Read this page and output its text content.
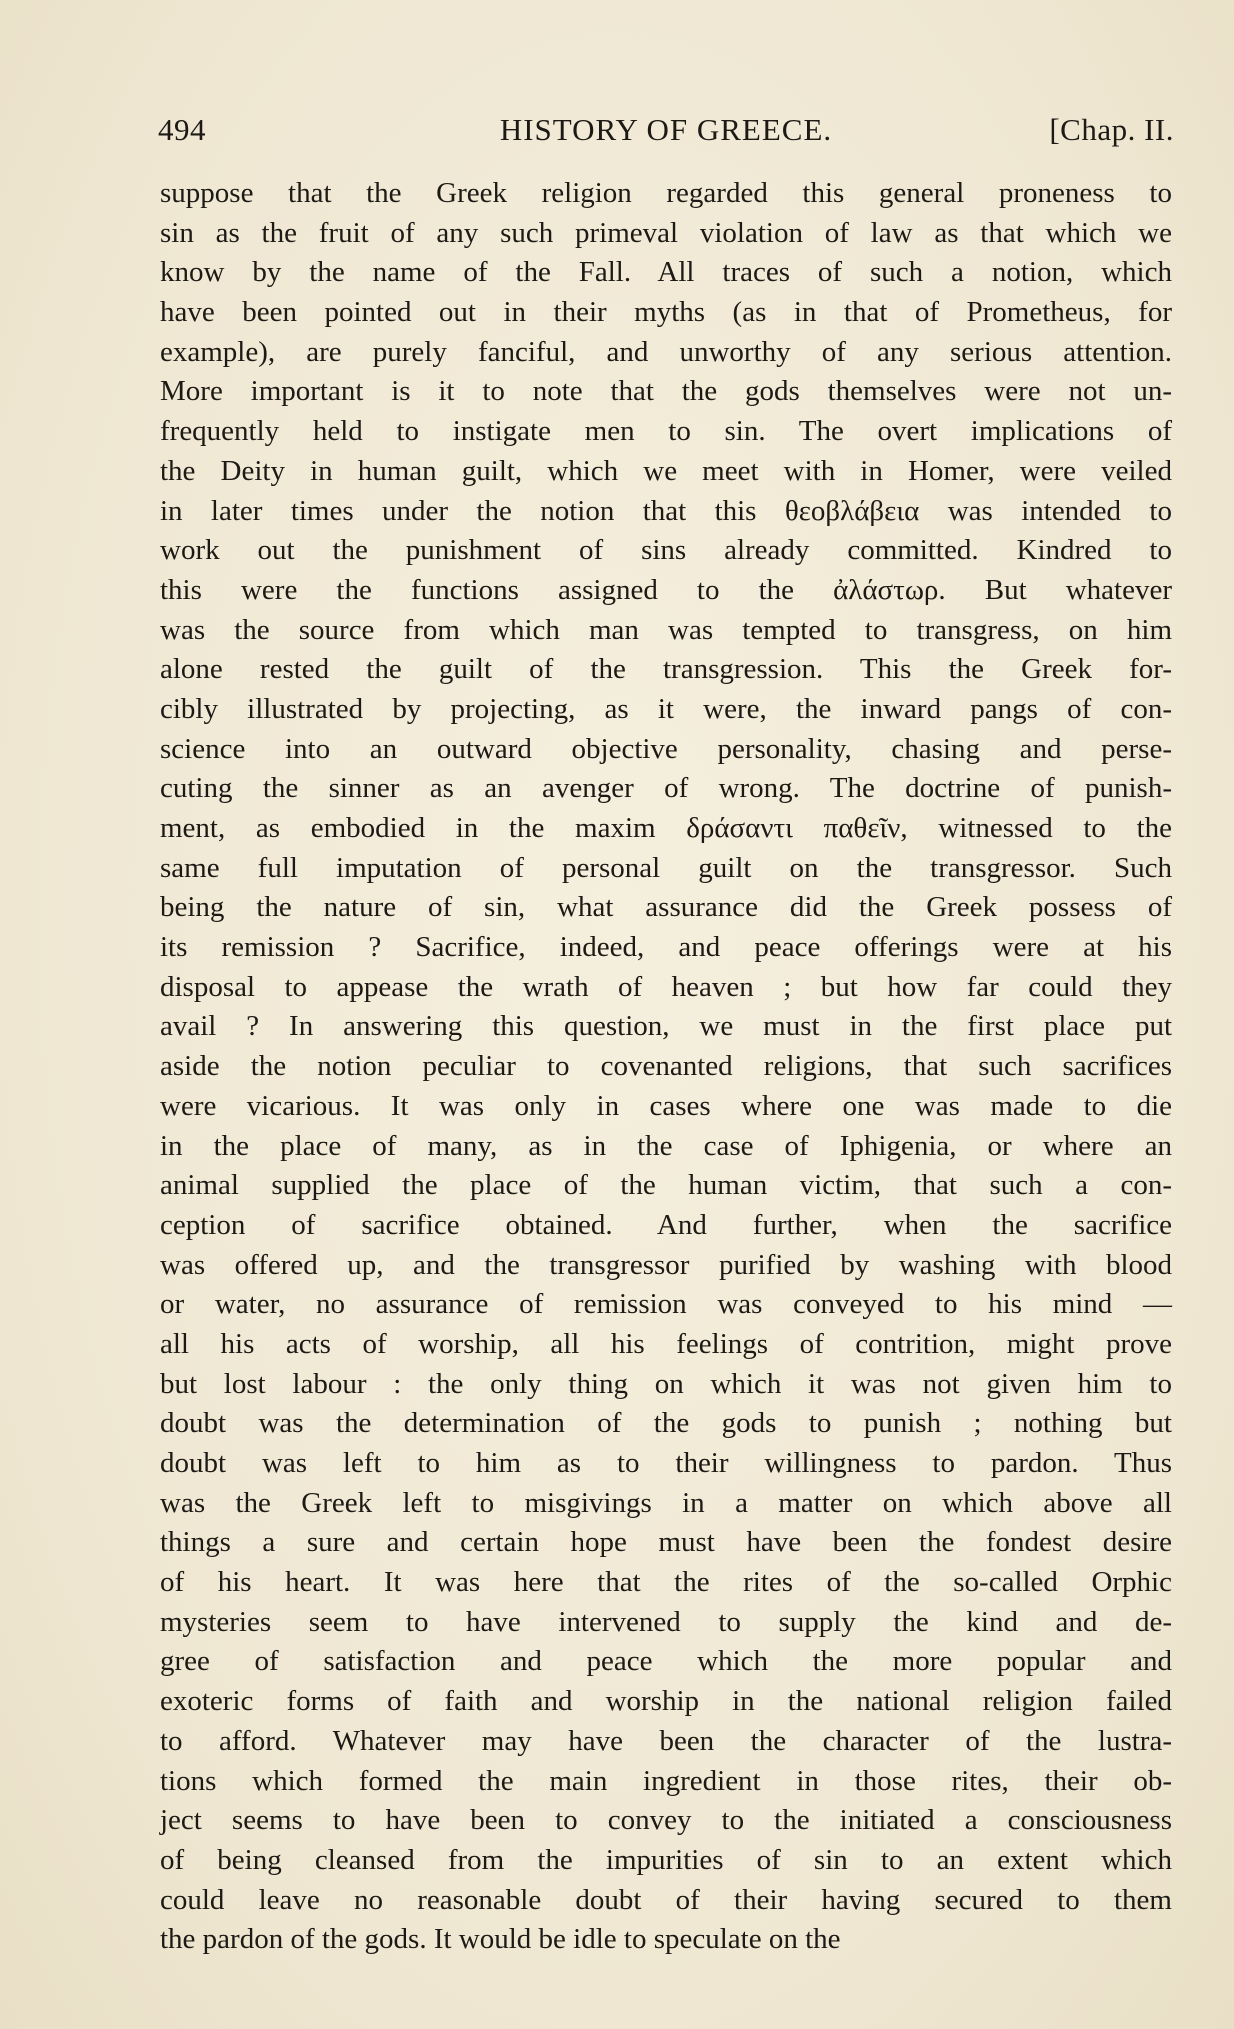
494	HISTORY OF GREECE.	[Chap. II.
suppose that the Greek religion regarded this general proneness to
sin as the fruit of any such primeval violation of law as that which we
know by the name of the Fall. All traces of such a notion, which
have been pointed out in their myths (as in that of Prometheus, for
example), are purely fanciful, and unworthy of any serious attention.
More important is it to note that the gods themselves were not un-
frequently held to instigate men to sin. The overt implications of
the Deity in human guilt, which we meet with in Homer, were veiled
in later times under the notion that this θεοβλάβεια was intended to
work out the punishment of sins already committed. Kindred to
this were the functions assigned to the ἀλάστωρ. But whatever
was the source from which man was tempted to transgress, on him
alone rested the guilt of the transgression. This the Greek for-
cibly illustrated by projecting, as it were, the inward pangs of con-
science into an outward objective personality, chasing and perse-
cuting the sinner as an avenger of wrong. The doctrine of punish-
ment, as embodied in the maxim δράσαντι παθεῖν, witnessed to the
same full imputation of personal guilt on the transgressor. Such
being the nature of sin, what assurance did the Greek possess of
its remission ? Sacrifice, indeed, and peace offerings were at his
disposal to appease the wrath of heaven ; but how far could they
avail ? In answering this question, we must in the first place put
aside the notion peculiar to covenanted religions, that such sacrifices
were vicarious. It was only in cases where one was made to die
in the place of many, as in the case of Iphigenia, or where an
animal supplied the place of the human victim, that such a con-
ception of sacrifice obtained. And further, when the sacrifice
was offered up, and the transgressor purified by washing with blood
or water, no assurance of remission was conveyed to his mind —
all his acts of worship, all his feelings of contrition, might prove
but lost labour : the only thing on which it was not given him to
doubt was the determination of the gods to punish ; nothing but
doubt was left to him as to their willingness to pardon. Thus
was the Greek left to misgivings in a matter on which above all
things a sure and certain hope must have been the fondest desire
of his heart. It was here that the rites of the so-called Orphic
mysteries seem to have intervened to supply the kind and de-
gree of satisfaction and peace which the more popular and
exoteric forms of faith and worship in the national religion failed
to afford. Whatever may have been the character of the lustra-
tions which formed the main ingredient in those rites, their ob-
ject seems to have been to convey to the initiated a consciousness
of being cleansed from the impurities of sin to an extent which
could leave no reasonable doubt of their having secured to them
the pardon of the gods. It would be idle to speculate on the
